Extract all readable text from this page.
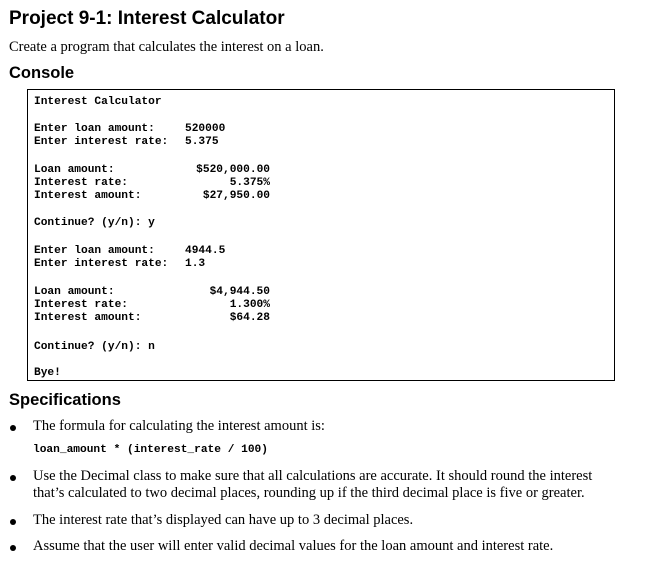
Project 9-1: Interest Calculator

Create a program that calculates the interest on a loan.

Console
Interest Calculator
Enter loan amount:	520000
Enter interest rate: 5.375
Loan amount:	$520,000.00
Interest rate:	5.375%
Interest amount:	$27,950.00
Continue? (y/n): y
Enter loan amount:	4944.5
Enter interest rate: 1.3
Loan amount:	$4,944.50
Interest rate:	1.300%
Interest amount:	$64.28
Continue? (y/n): n
Bye!
Specifications
The formula for calculating the interest amount is:
loan_amount * (interest_rate / 100)
Use the Decimal class to make sure that all calculations are accurate. It should round the interest that’s calculated to two decimal places, rounding up if the third decimal place is five or greater.
The interest rate that’s displayed can have up to 3 decimal places.
Assume that the user will enter valid decimal values for the loan amount and interest rate.
